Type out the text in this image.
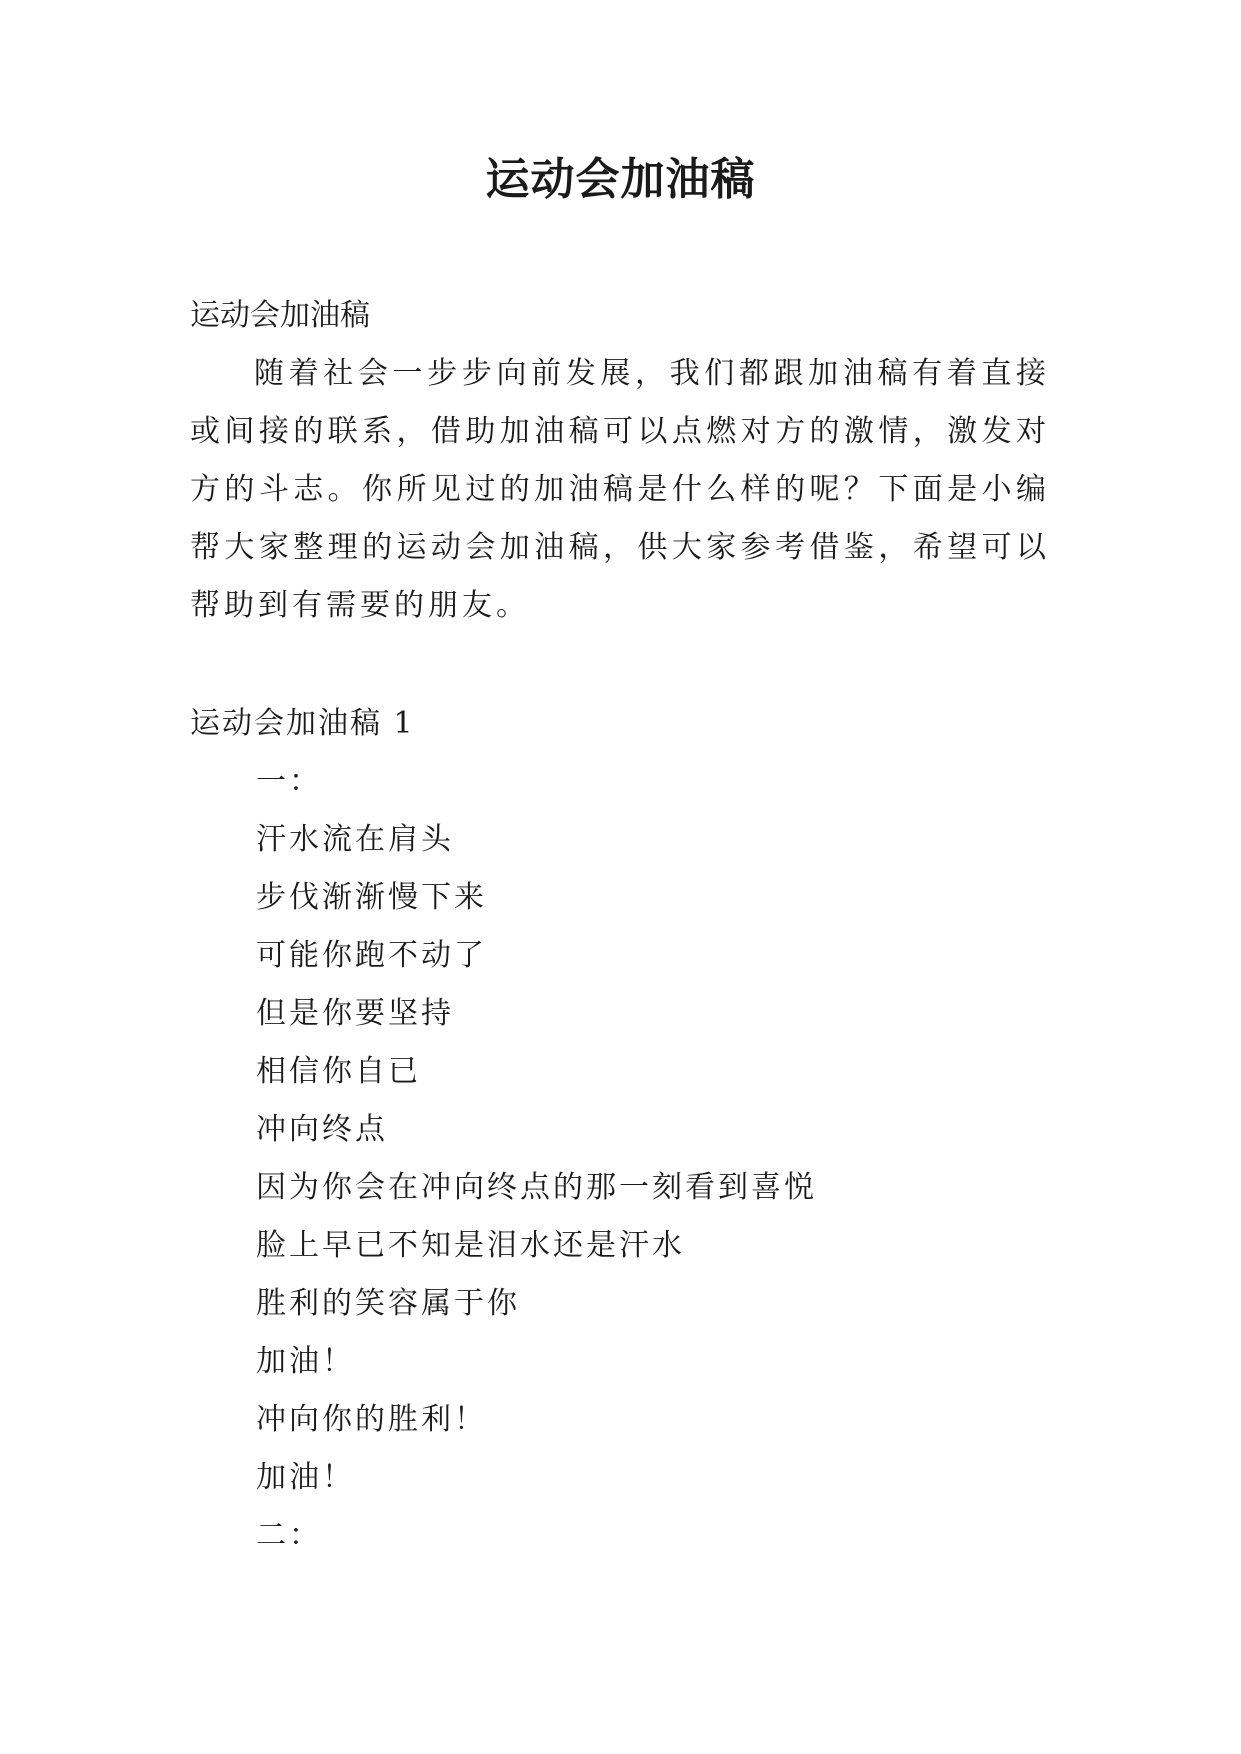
运动会加油稿
运动会加油稿
随着社会一步步向前发展，我们都跟加油稿有着直接或间接的联系，借助加油稿可以点燃对方的激情，激发对方的斗志。你所见过的加油稿是什么样的呢？下面是小编帮大家整理的运动会加油稿，供大家参考借鉴，希望可以帮助到有需要的朋友。
运动会加油稿 1
一：
汗水流在肩头
步伐渐渐慢下来
可能你跑不动了
但是你要坚持
相信你自已
冲向终点
因为你会在冲向终点的那一刻看到喜悦
脸上早已不知是泪水还是汗水
胜利的笑容属于你
加油！
冲向你的胜利！
加油！
二：
